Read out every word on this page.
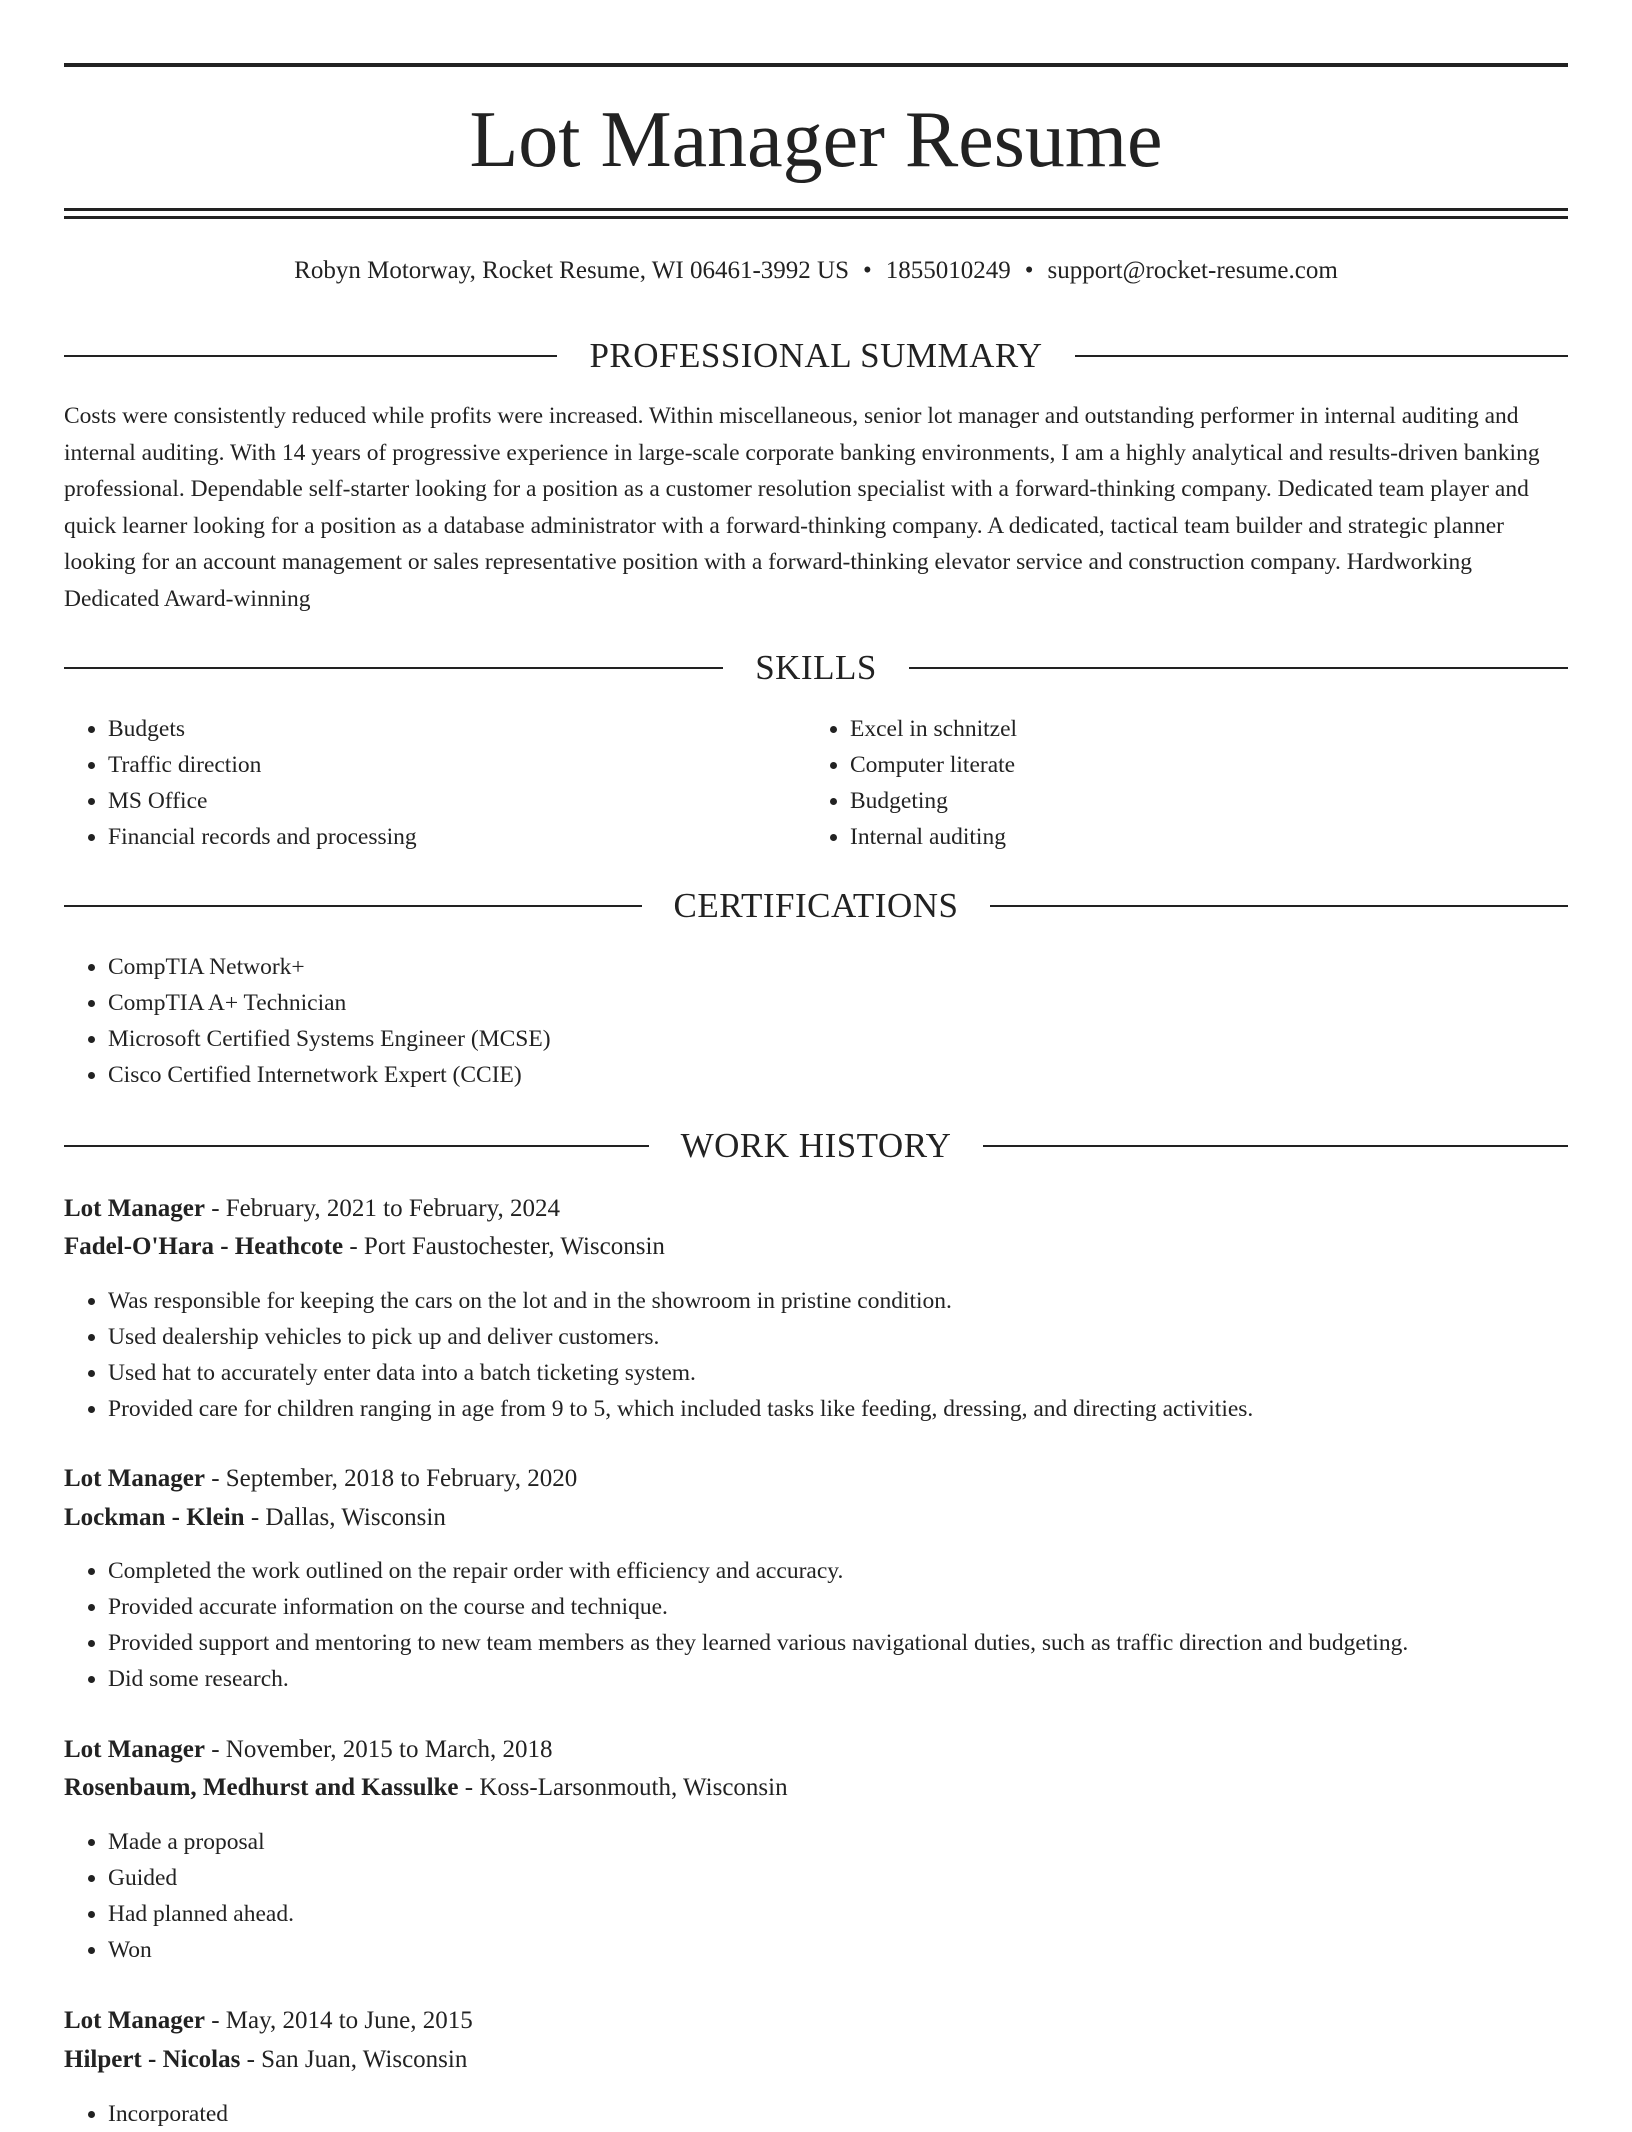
Lot Manager Resume
Robyn Motorway, Rocket Resume, WI 06461-3992 US • 1855010249 • support@rocket-resume.com
PROFESSIONAL SUMMARY

Costs were consistently reduced while profits were increased. Within miscellaneous, senior lot manager and outstanding performer in internal auditing and internal auditing. With 14 years of progressive experience in large-scale corporate banking environments, I am a highly analytical and results-driven banking professional. Dependable self-starter looking for a position as a customer resolution specialist with a forward-thinking company. Dedicated team player and quick learner looking for a position as a database administrator with a forward-thinking company. A dedicated, tactical team builder and strategic planner looking for an account management or sales representative position with a forward-thinking elevator service and construction company. Hardworking Dedicated Award-winning

SKILLS
• Budgets
• Traffic direction
• MS Office
• Financial records and processing
• Excel in schnitzel
• Computer literate
• Budgeting
• Internal auditing
CERTIFICATIONS
• CompTIA Network+
• CompTIA A+ Technician
• Microsoft Certified Systems Engineer (MCSE)
• Cisco Certified Internetwork Expert (CCIE)
WORK HISTORY
Lot Manager - February, 2021 to February, 2024
Fadel-O'Hara - Heathcote - Port Faustochester, Wisconsin
• Was responsible for keeping the cars on the lot and in the showroom in pristine condition.
• Used dealership vehicles to pick up and deliver customers.
• Used hat to accurately enter data into a batch ticketing system.
• Provided care for children ranging in age from 9 to 5, which included tasks like feeding, dressing, and directing activities.
Lot Manager - September, 2018 to February, 2020
Lockman - Klein - Dallas, Wisconsin
• Completed the work outlined on the repair order with efficiency and accuracy.
• Provided accurate information on the course and technique.
• Provided support and mentoring to new team members as they learned various navigational duties, such as traffic direction and budgeting.
• Did some research.
Lot Manager - November, 2015 to March, 2018
Rosenbaum, Medhurst and Kassulke - Koss-Larsonmouth, Wisconsin
• Made a proposal
• Guided
• Had planned ahead.
• Won
Lot Manager - May, 2014 to June, 2015
Hilpert - Nicolas - San Juan, Wisconsin
• Incorporated
